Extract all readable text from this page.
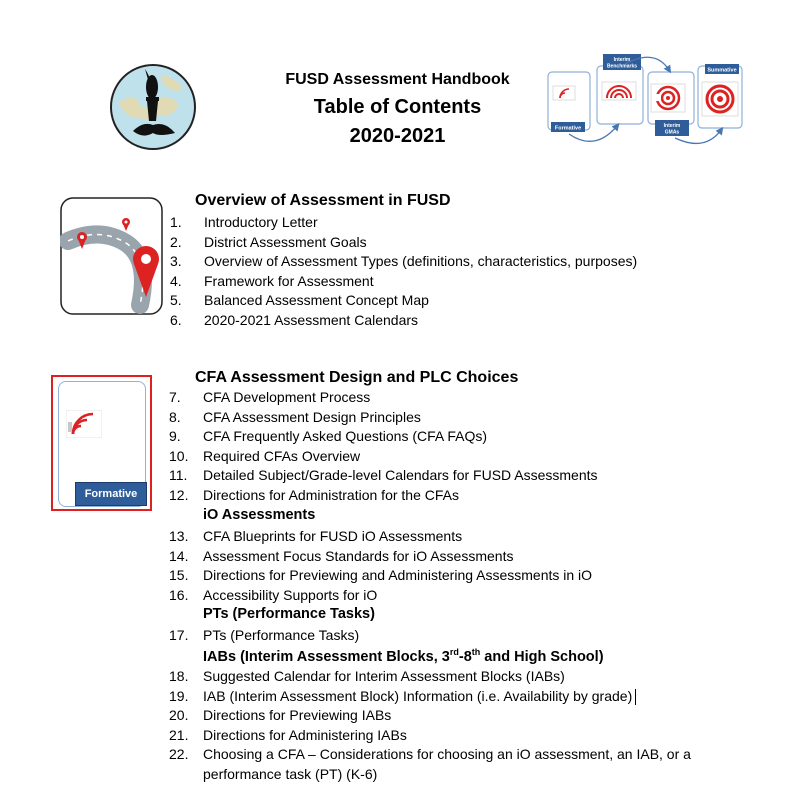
FUSD Assessment Handbook
Table of Contents
2020-2021	Formative
Interim
Benchmarks
Interim
GMAs
Summative
Overview of Assessment in FUSD
1.	Introductory Letter
2.	District Assessment Goals
3.	Overview of Assessment Types (definitions, characteristics, purposes)
4.	Framework for Assessment
5.	Balanced Assessment Concept Map
6.	2020-2021 Assessment Calendars
Formative
CFA Assessment Design and PLC Choices
7.	CFA Development Process
8.	CFA Assessment Design Principles
9.	CFA Frequently Asked Questions (CFA FAQs)
10. Required CFAs Overview
11. Detailed Subject/Grade-level Calendars for FUSD Assessments
12. Directions for Administration for the CFAs
iO Assessments
13. CFA Blueprints for FUSD iO Assessments
14. Assessment Focus Standards for iO Assessments
15. Directions for Previewing and Administering Assessments in iO
16. Accessibility Supports for iO
PTs (Performance Tasks)
17. PTs (Performance Tasks)
IABs (Interim Assessment Blocks, 3rd-8th and High School)
18. Suggested Calendar for Interim Assessment Blocks (IABs)
19. IAB (Interim Assessment Block) Information (i.e. Availability by grade)
20. Directions for Previewing IABs
21. Directions for Administering IABs
22. Choosing a CFA – Considerations for choosing an iO assessment, an IAB, or a
performance task (PT) (K-6)
